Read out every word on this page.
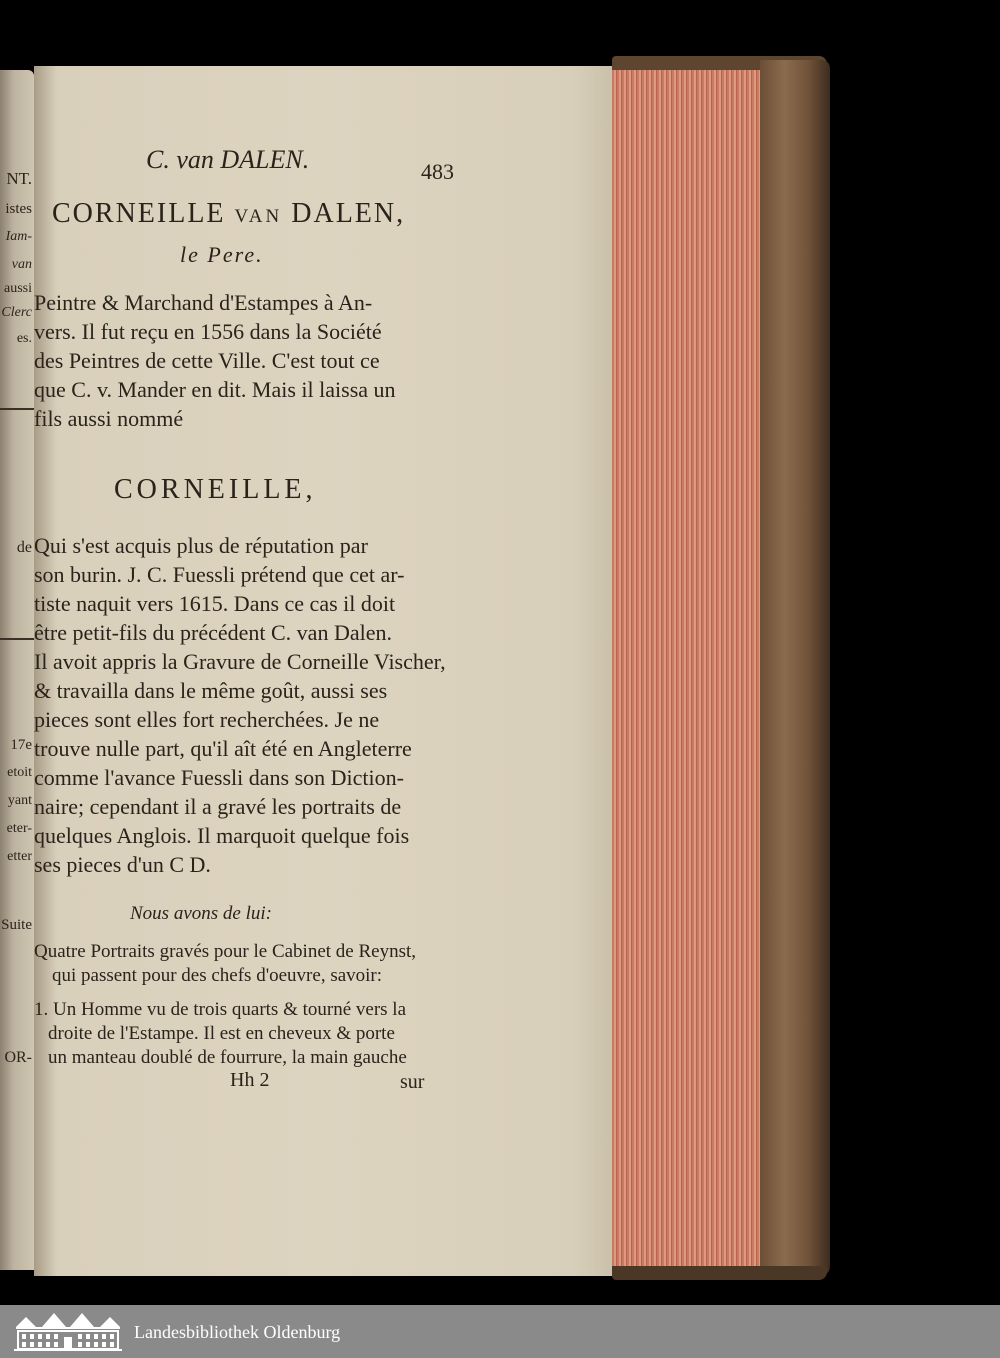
NT.
istes
Iam-
van
aussi
Clerc
es.
de
17e
etoit
yant
eter-
etter
Suite
OR-
C. van DALEN.	483
CORNEILLE VAN DALEN,
le Pere.
Peintre & Marchand d'Estampes à An-
vers. Il fut reçu en 1556 dans la Société
des Peintres de cette Ville. C'est tout ce
que C. v. Mander en dit. Mais il laissa un
fils aussi nommé
CORNEILLE,
Qui s'est acquis plus de réputation par
son burin. J. C. Fuessli prétend que cet ar-
tiste naquit vers 1615. Dans ce cas il doit
être petit-fils du précédent C. van Dalen.
Il avoit appris la Gravure de Corneille Vischer,
& travailla dans le même goût, aussi ses
pieces sont elles fort recherchées. Je ne
trouve nulle part, qu'il aît été en Angleterre
comme l'avance Fuessli dans son Diction-
naire; cependant il a gravé les portraits de
quelques Anglois. Il marquoit quelque fois
ses pieces d'un C D.
Nous avons de lui:
Quatre Portraits gravés pour le Cabinet de Reynst,
qui passent pour des chefs d'oeuvre, savoir:
1. Un Homme vu de trois quarts & tourné vers la
droite de l'Estampe. Il est en cheveux & porte
un manteau doublé de fourrure, la main gauche
Hh 2	sur
Landesbibliothek Oldenburg
